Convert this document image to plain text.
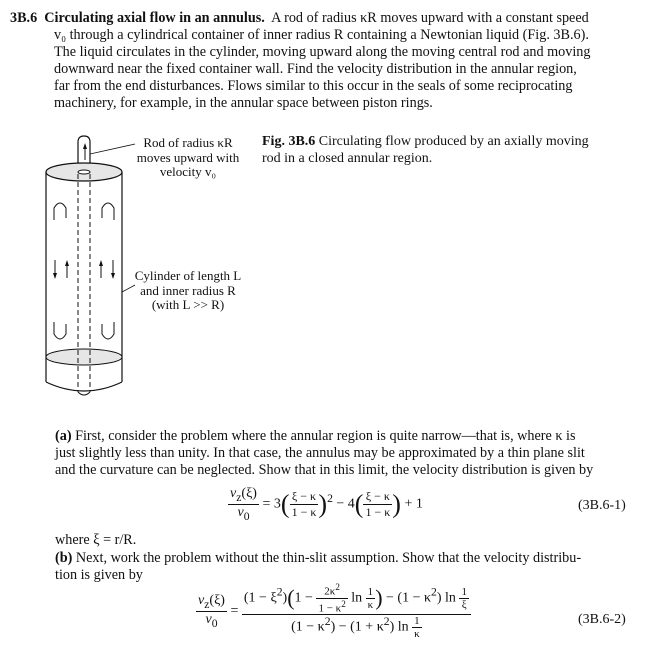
3B.6 Circulating axial flow in an annulus. A rod of radius κR moves upward with a constant speed
v₀ through a cylindrical container of inner radius R containing a Newtonian liquid (Fig. 3B.6).
The liquid circulates in the cylinder, moving upward along the moving central rod and moving
downward near the fixed container wall. Find the velocity distribution in the annular region,
far from the end disturbances. Flows similar to this occur in the seals of some reciprocating
machinery, for example, in the annular space between piston rings.
Rod of radius κR
moves upward with
velocity v₀
Cylinder of length L
and inner radius R
(with L >> R)
Fig. 3B.6 Circulating flow produced by an axially moving
rod in a closed annular region.
(a) First, consider the problem where the annular region is quite narrow—that is, where κ is
just slightly less than unity. In that case, the annulus may be approximated by a thin plane slit
and the curvature can be neglected. Show that in this limit, the velocity distribution is given by
$\frac{v_z(\xi)}{v_0} = 3( \frac{\xi - \kappa}{1 - \kappa} )^2 - 4( \frac{\xi - \kappa}{1 - \kappa}$ ) + 1	(3B.6-1)
where ξ = r/R.
(b) Next, work the problem without the thin-slit assumption. Show that the velocity distribu-
tion is given by
$\frac{v_z(\xi)}{v_0} = \frac{(1 - \xi^2)(1 - \frac{2\kappa^2}{1 - \kappa^2} \ln \frac{1}{\kappa} ) - (1 - \kappa^2) \ln \frac{1}{\xi}}{(1 - \kappa^2) - (1 + \kappa^2) \ln \frac{1}{\kappa}}$	(3B.6-2)
